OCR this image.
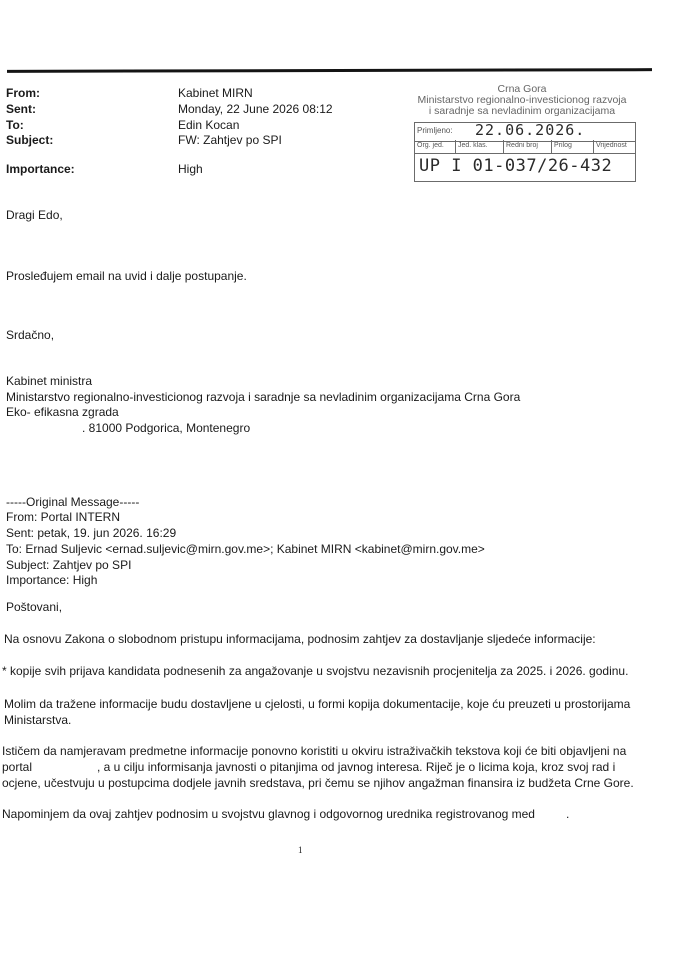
From:	Kabinet MIRN
Sent:	Monday, 22 June 2026 08:12
To:	Edin Kocan
Subject:	FW: Zahtjev po SPI
Importance:	High
Crna Gora
Ministarstvo regionalno-investicionog razvoja
i saradnje sa nevladinim organizacijama
Primljeno: 22.06.2026.
Org. jed.	Jed. klas.	Redni broj	Prilog	Vrijednost
UP I 01-037/26-432
Dragi Edo,
Prosleđujem email na uvid i dalje postupanje.
Srdačno,
Kabinet ministra
Ministarstvo regionalno-investicionog razvoja i saradnje sa nevladinim organizacijama Crna Gora
Eko- efikasna zgrada
. 81000 Podgorica, Montenegro
-----Original Message-----
From: Portal INTERN
Sent: petak, 19. jun 2026. 16:29
To: Ernad Suljevic <ernad.suljevic@mirn.gov.me>; Kabinet MIRN <kabinet@mirn.gov.me>
Subject: Zahtjev po SPI
Importance: High
Poštovani,
Na osnovu Zakona o slobodnom pristupu informacijama, podnosim zahtjev za dostavljanje sljedeće informacije:
* kopije svih prijava kandidata podnesenih za angažovanje u svojstvu nezavisnih procjenitelja za 2025. i 2026. godinu.
Molim da tražene informacije budu dostavljene u cjelosti, u formi kopija dokumentacije, koje ću preuzeti u prostorijama
Ministarstva.
Ističem da namjeravam predmetne informacije ponovno koristiti u okviru istraživačkih tekstova koji će biti objavljeni na
portal	, a u cilju informisanja javnosti o pitanjima od javnog interesa. Riječ je o licima koja, kroz svoj rad i
ocjene, učestvuju u postupcima dodjele javnih sredstava, pri čemu se njihov angažman finansira iz budžeta Crne Gore.
Napominjem da ovaj zahtjev podnosim u svojstvu glavnog i odgovornog urednika registrovanog med	.
1
